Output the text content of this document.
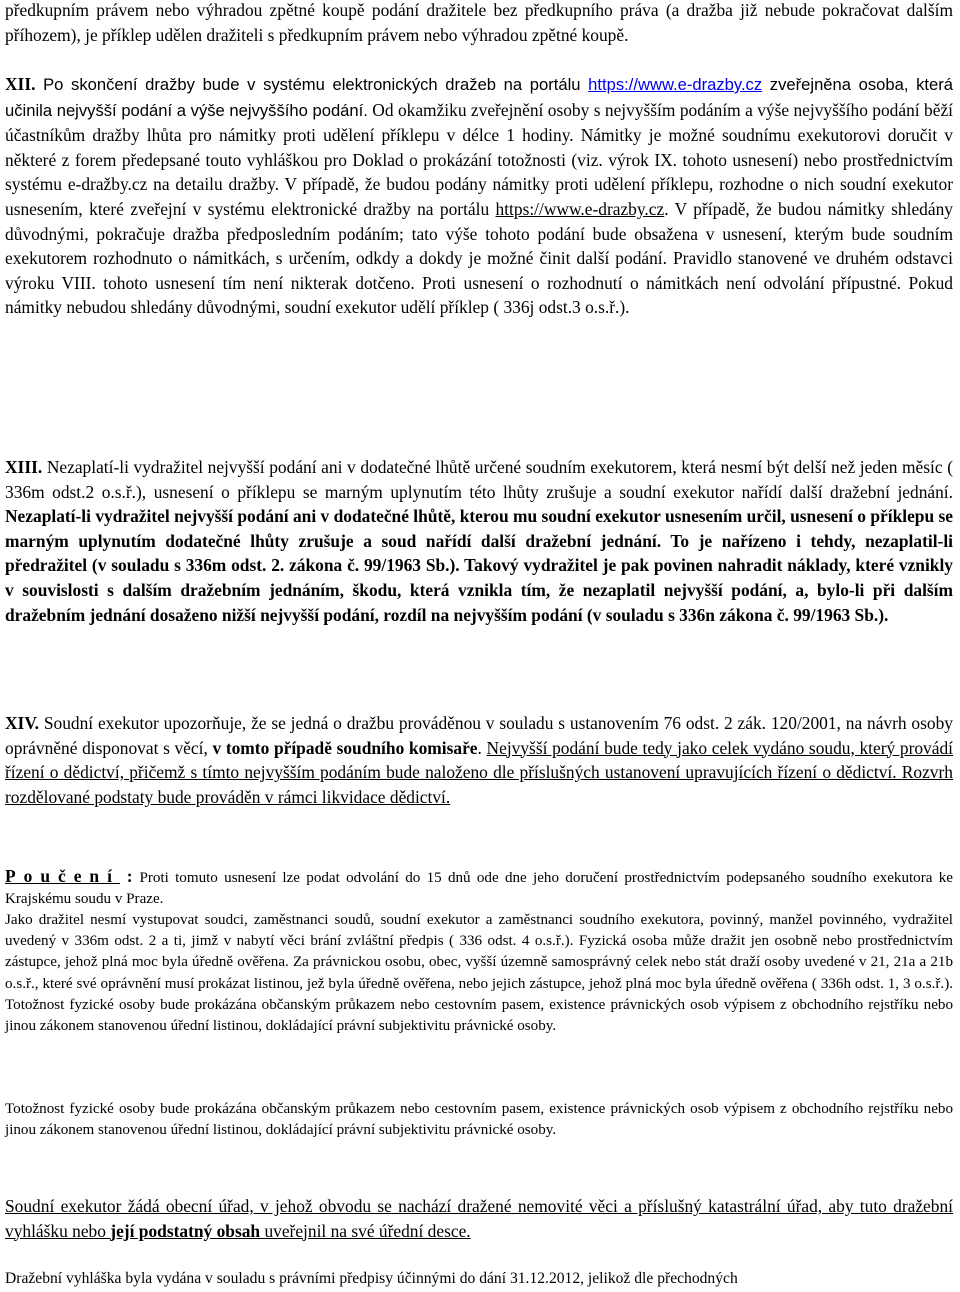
předkupním právem nebo výhradou zpětné koupě podání dražitele bez předkupního práva (a dražba již nebude pokračovat dalším příhozem), je příklep udělen dražiteli s předkupním právem nebo výhradou zpětné koupě.

XII. Po skončení dražby bude v systému elektronických dražeb na portálu https://www.e-drazby.cz zveřejněna osoba, která učinila nejvyšší podání a výše nejvyššího podání. Od okamžiku zveřejnění osoby s nejvyšším podáním a výše nejvyššího podání běží účastníkům dražby lhůta pro námitky proti udělení příklepu v délce 1 hodiny. Námitky je možné soudnímu exekutorovi doručit v některé z forem předepsané touto vyhláškou pro Doklad o prokázání totožnosti (viz. výrok IX. tohoto usnesení) nebo prostřednictvím systému e-dražby.cz na detailu dražby. V případě, že budou podány námitky proti udělení příklepu, rozhodne o nich soudní exekutor usnesením, které zveřejní v systému elektronické dražby na portálu https://www.e-drazby.cz. V případě, že budou námitky shledány důvodnými, pokračuje dražba předposledním podáním; tato výše tohoto podání bude obsažena v usnesení, kterým bude soudním exekutorem rozhodnuto o námitkách, s určením, odkdy a dokdy je možné činit další podání. Pravidlo stanovené ve druhém odstavci výroku VIII. tohoto usnesení tím není nikterak dotčeno. Proti usnesení o rozhodnutí o námitkách není odvolání přípustné. Pokud námitky nebudou shledány důvodnými, soudní exekutor udělí příklep ( 336j odst.3 o.s.ř.).

XIII. Nezaplatí-li vydražitel nejvyšší podání ani v dodatečné lhůtě určené soudním exekutorem, která nesmí být delší než jeden měsíc ( 336m odst.2 o.s.ř.), usnesení o příklepu se marným uplynutím této lhůty zrušuje a soudní exekutor nařídí další dražební jednání. Nezaplatí-li vydražitel nejvyšší podání ani v dodatečné lhůtě, kterou mu soudní exekutor usnesením určil, usnesení o příklepu se marným uplynutím dodatečné lhůty zrušuje a soud nařídí další dražební jednání. To je nařízeno i tehdy, nezaplatil-li předražitel (v souladu s 336m odst. 2. zákona č. 99/1963 Sb.). Takový vydražitel je pak povinen nahradit náklady, které vznikly v souvislosti s dalším dražebním jednáním, škodu, která vznikla tím, že nezaplatil nejvyšší podání, a, bylo-li při dalším dražebním jednání dosaženo nižší nejvyšší podání, rozdíl na nejvyšším podání (v souladu s 336n zákona č. 99/1963 Sb.).

XIV. Soudní exekutor upozorňuje, že se jedná o dražbu prováděnou v souladu s ustanovením 76 odst. 2 zák. 120/2001, na návrh osoby oprávněné disponovat s věcí, v tomto případě soudního komisaře. Nejvyšší podání bude tedy jako celek vydáno soudu, který provádí řízení o dědictví, přičemž s tímto nejvyšším podáním bude naloženo dle příslušných ustanovení upravujících řízení o dědictví. Rozvrh rozdělované podstaty bude prováděn v rámci likvidace dědictví.

Poučení : Proti tomuto usnesení lze podat odvolání do 15 dnů ode dne jeho doručení prostřednictvím podepsaného soudního exekutora ke Krajskému soudu v Praze.

Jako dražitel nesmí vystupovat soudci, zaměstnanci soudů, soudní exekutor a zaměstnanci soudního exekutora, povinný, manžel povinného, vydražitel uvedený v 336m odst. 2 a ti, jimž v nabytí věci brání zvláštní předpis ( 336 odst. 4 o.s.ř.). Fyzická osoba může dražit jen osobně nebo prostřednictvím zástupce, jehož plná moc byla úředně ověřena. Za právnickou osobu, obec, vyšší územně samosprávný celek nebo stát draží osoby uvedené v 21, 21a a 21b o.s.ř., které své oprávnění musí prokázat listinou, jež byla úředně ověřena, nebo jejich zástupce, jehož plná moc byla úředně ověřena ( 336h odst. 1, 3 o.s.ř.). Totožnost fyzické osoby bude prokázána občanským průkazem nebo cestovním pasem, existence právnických osob výpisem z obchodního rejstříku nebo jinou zákonem stanovenou úřední listinou, dokládající právní subjektivitu právnické osoby.

Totožnost fyzické osoby bude prokázána občanským průkazem nebo cestovním pasem, existence právnických osob výpisem z obchodního rejstříku nebo jinou zákonem stanovenou úřední listinou, dokládající právní subjektivitu právnické osoby.

Soudní exekutor žádá obecní úřad, v jehož obvodu se nachází dražené nemovité věci a příslušný katastrální úřad, aby tuto dražební vyhlášku nebo její podstatný obsah uveřejnil na své úřední desce.

Dražební vyhláška byla vydána v souladu s právními předpisy účinnými do dání 31.12.2012, jelikož dle přechodných
